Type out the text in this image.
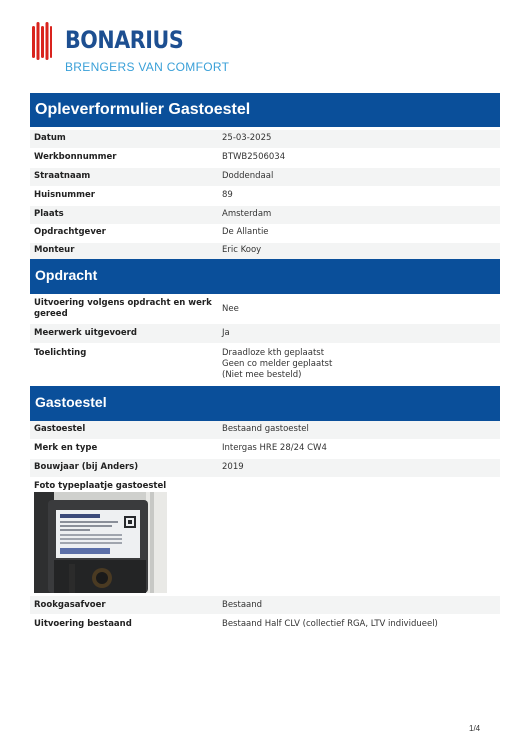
BONARIUS
BRENGERS VAN COMFORT
Opleverformulier Gastoestel
Datum	25-03-2025
Werkbonnummer	BTWB2506034
Straatnaam	Doddendaal
Huisnummer	89
Plaats	Amsterdam
Opdrachtgever	De Allantie
Monteur	Eric Kooy
Opdracht
Uitvoering volgens opdracht en werk
gereed	Nee
Meerwerk uitgevoerd	Ja
Toelichting	Draadloze kth geplaatst
Geen co melder geplaatst
(Niet mee besteld)
Gastoestel
Gastoestel	Bestaand gastoestel
Merk en type	Intergas HRE 28/24 CW4
Bouwjaar (bij Anders)	2019
Foto typeplaatje gastoestel
Rookgasafvoer	Bestaand
Uitvoering bestaand	Bestaand Half CLV (collectief RGA, LTV individueel)
1/4
